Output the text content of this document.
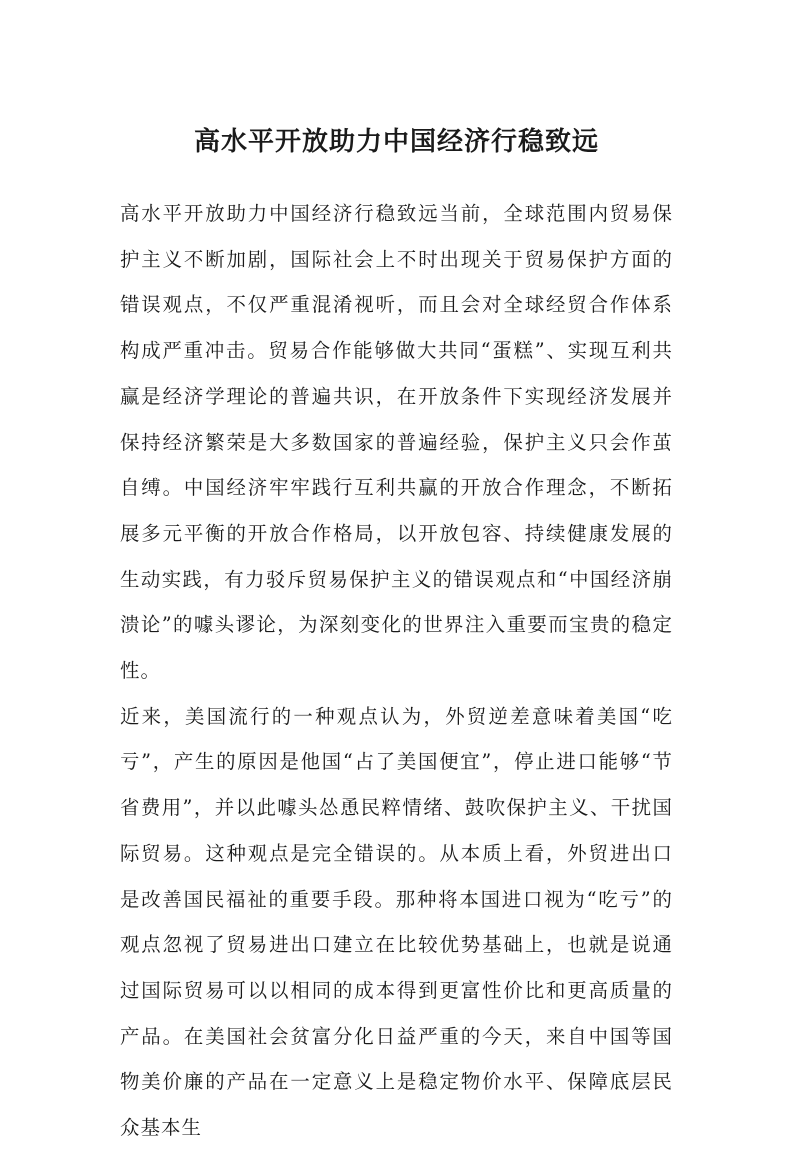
高水平开放助力中国经济行稳致远

高水平开放助力中国经济行稳致远当前，全球范围内贸易保护主义不断加剧，国际社会上不时出现关于贸易保护方面的错误观点，不仅严重混淆视听，而且会对全球经贸合作体系构成严重冲击。贸易合作能够做大共同“蛋糕”、实现互利共赢是经济学理论的普遍共识，在开放条件下实现经济发展并保持经济繁荣是大多数国家的普遍经验，保护主义只会作茧自缚。中国经济牢牢践行互利共赢的开放合作理念，不断拓展多元平衡的开放合作格局，以开放包容、持续健康发展的生动实践，有力驳斥贸易保护主义的错误观点和“中国经济崩溃论”的噱头谬论，为深刻变化的世界注入重要而宝贵的稳定性。

近来，美国流行的一种观点认为，外贸逆差意味着美国“吃亏”，产生的原因是他国“占了美国便宜”，停止进口能够“节省费用”，并以此噱头怂恿民粹情绪、鼓吹保护主义、干扰国际贸易。这种观点是完全错误的。从本质上看，外贸进出口是改善国民福祉的重要手段。那种将本国进口视为“吃亏”的观点忽视了贸易进出口建立在比较优势基础上，也就是说通过国际贸易可以以相同的成本得到更富性价比和更高质量的产品。在美国社会贫富分化日益严重的今天，来自中国等国物美价廉的产品在一定意义上是稳定物价水平、保障底层民众基本生
